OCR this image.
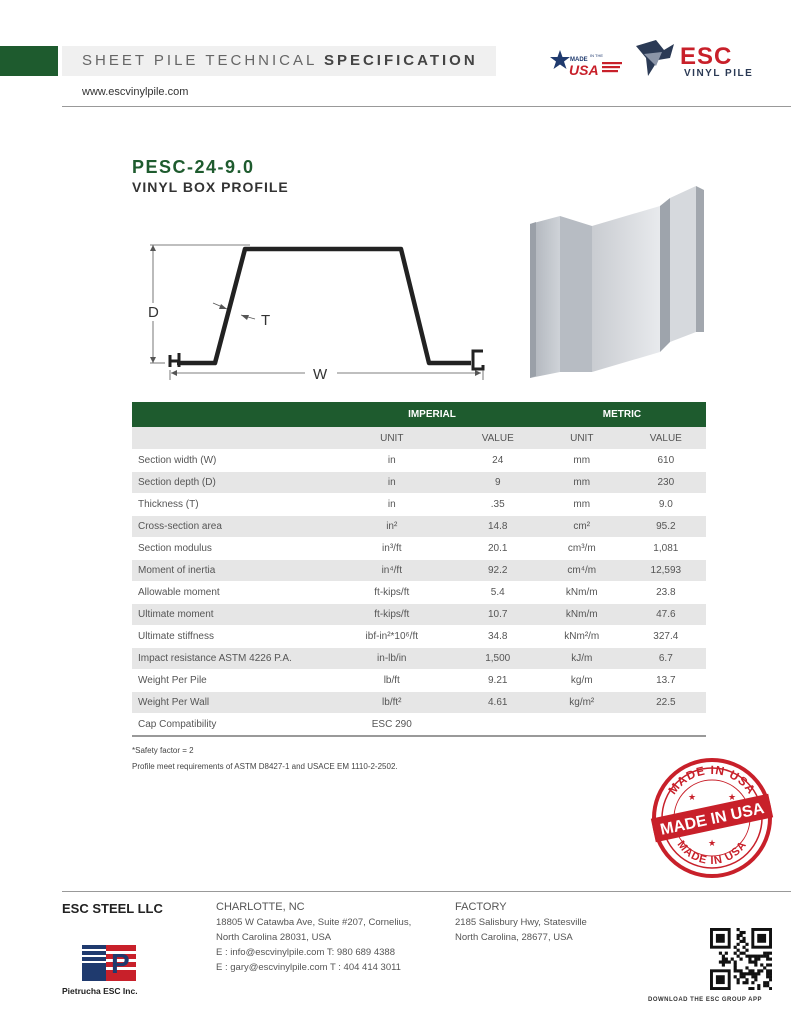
SHEET PILE TECHNICAL SPECIFICATION
www.escvinylpile.com
MADE
IN THE
USA	ESC
VINYL PILE
PESC-24-9.0
VINYL BOX PROFILE
D	T
W
	IMPERIAL		METRIC	
	UNIT	VALUE	UNIT	VALUE
Section width (W)	in	24	mm	610
Section depth (D)	in	9	mm	230
Thickness (T)	in	.35	mm	9.0
Cross-section area	in²	14.8	cm²	95.2
Section modulus	in³/ft	20.1	cm³/m	1,081
Moment of inertia	in⁴/ft	92.2	cm⁴/m	12,593
Allowable moment	ft-kips/ft	5.4	kNm/m	23.8
Ultimate moment	ft-kips/ft	10.7	kNm/m	47.6
Ultimate stiffness	ibf-in²*10⁶/ft	34.8	kNm²/m	327.4
Impact resistance ASTM 4226 P.A.	in-lb/in	1,500	kJ/m	6.7
Weight Per Pile	lb/ft	9.21	kg/m	13.7
Weight Per Wall	lb/ft²	4.61	kg/m²	22.5
Cap Compatibility	ESC 290			
*Safety factor = 2
Profile meet requirements of ASTM D8427-1 and USACE EM 1110-2-2502.
MADE IN USA
MADE IN USA
MADE IN USA
★	★
★
ESC STEEL LLC	CHARLOTTE, NC
18805 W Catawba Ave, Suite #207, Cornelius,
North Carolina 28031, USA
E : info@escvinylpile.com T: 980 689 4388
E : gary@escvinylpile.com T : 404 414 3011
FACTORY
2185 Salisbury Hwy, Statesville
North Carolina, 28677, USA
P
Pietrucha ESC Inc.
DOWNLOAD THE ESC GROUP APP
